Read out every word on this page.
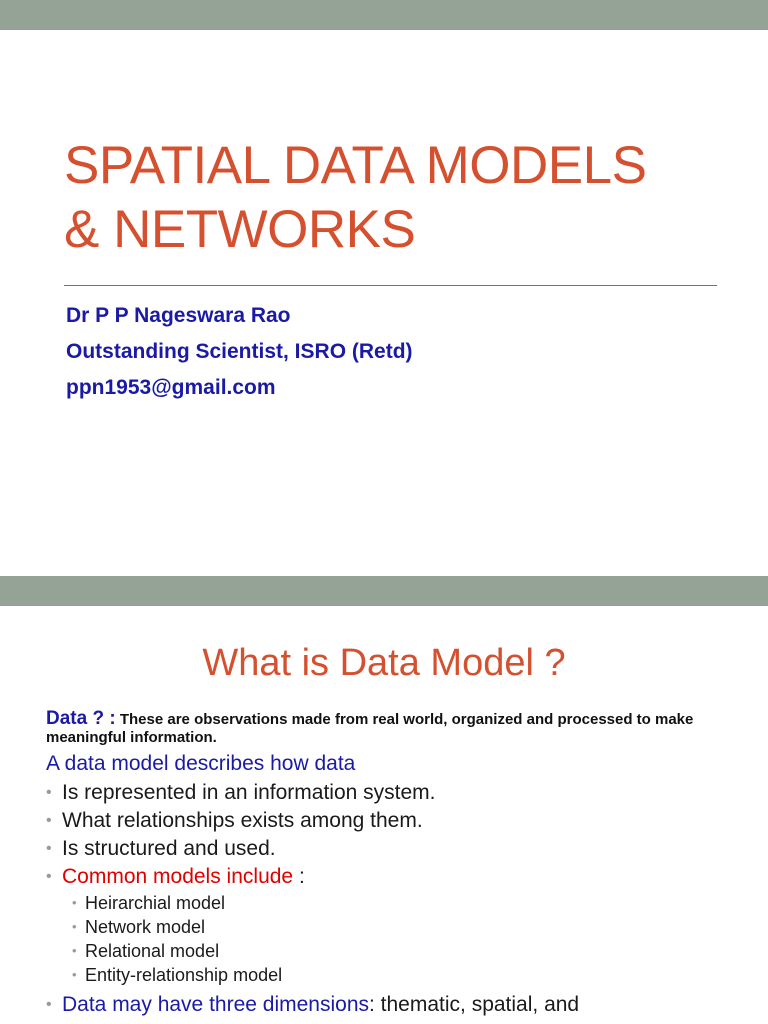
SPATIAL DATA MODELS
& NETWORKS
Dr P P Nageswara Rao
Outstanding Scientist, ISRO (Retd)
ppn1953@gmail.com
What is Data Model ?
Data ? : These are observations made from real world, organized and processed to make meaningful information.
A data model describes how data
• Is represented in an information system.
• What relationships exists among them.
• Is structured and used.
• Common models include :
• Heirarchial model
• Network model
• Relational model
• Entity-relationship model
• Data may have three dimensions: thematic, spatial, and
